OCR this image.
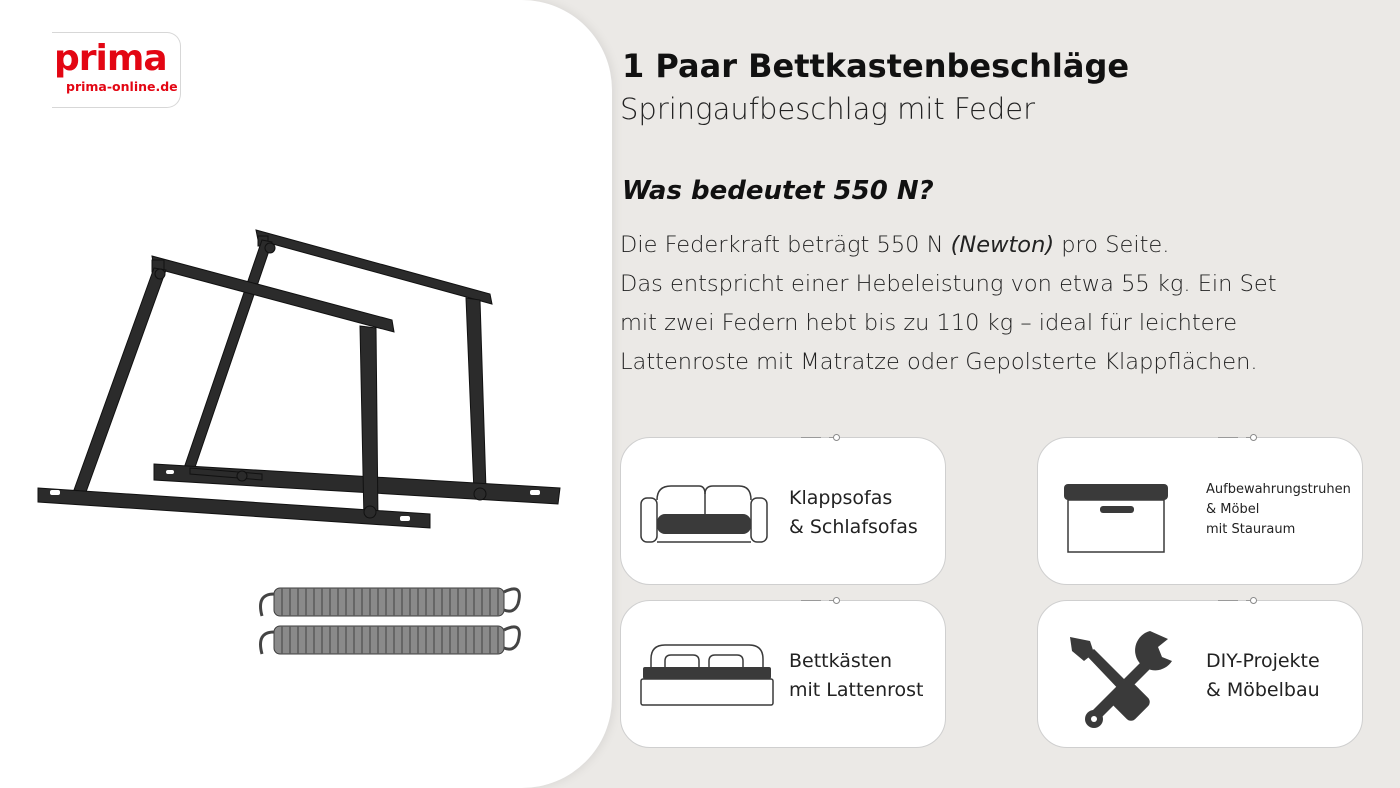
prima
prima-online.de
1 Paar Bettkastenbeschläge
Springaufbeschlag mit Feder
Was bedeutet 550 N?
Die Federkraft beträgt 550 N (Newton) pro Seite.
Das entspricht einer Hebeleistung von etwa 55 kg. Ein Set
mit zwei Federn hebt bis zu 110 kg – ideal für leichtere
Lattenroste mit Matratze oder Gepolsterte Klappflächen.
Klappsofas
& Schlafsofas
Aufbewahrungstruhen
& Möbel
mit Stauraum
Bettkästen
mit Lattenrost
DIY-Projekte
& Möbelbau
